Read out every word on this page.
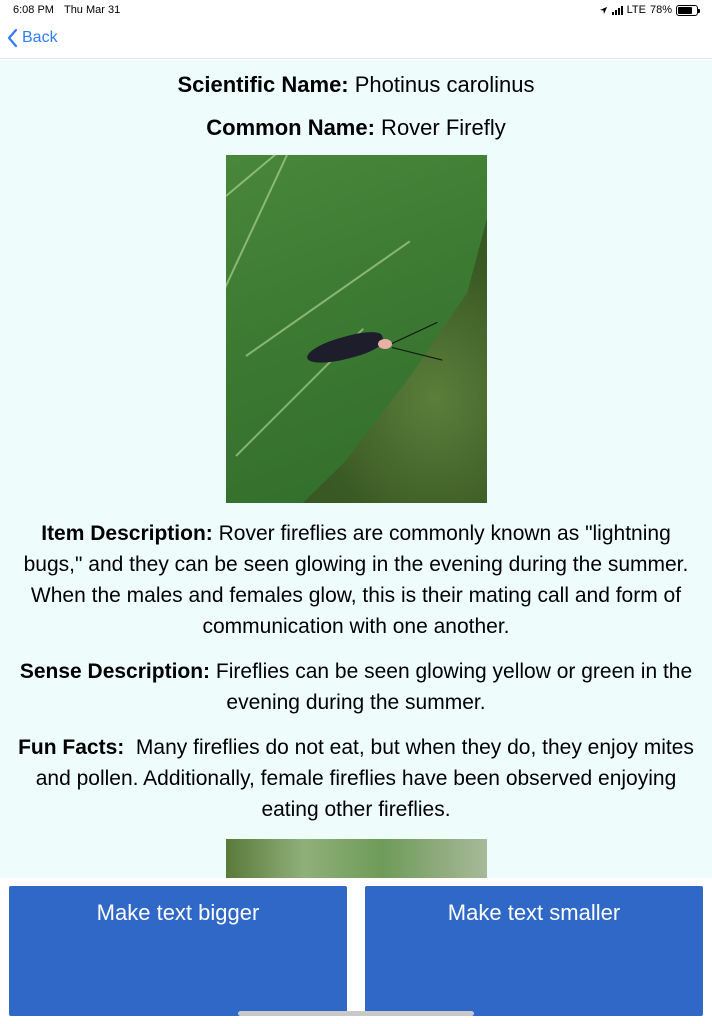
6:08 PM Thu Mar 31	LTE 78%
Back
Scientific Name: Photinus carolinus
Common Name: Rover Firefly
Item Description: Rover fireflies are commonly known as "lightning bugs," and they can be seen glowing in the evening during the summer. When the males and females glow, this is their mating call and form of communication with one another.
Sense Description: Fireflies can be seen glowing yellow or green in the evening during the summer.
Fun Facts:  Many fireflies do not eat, but when they do, they enjoy mites and pollen. Additionally, female fireflies have been observed enjoying eating other fireflies.
Make text bigger	Make text smaller
